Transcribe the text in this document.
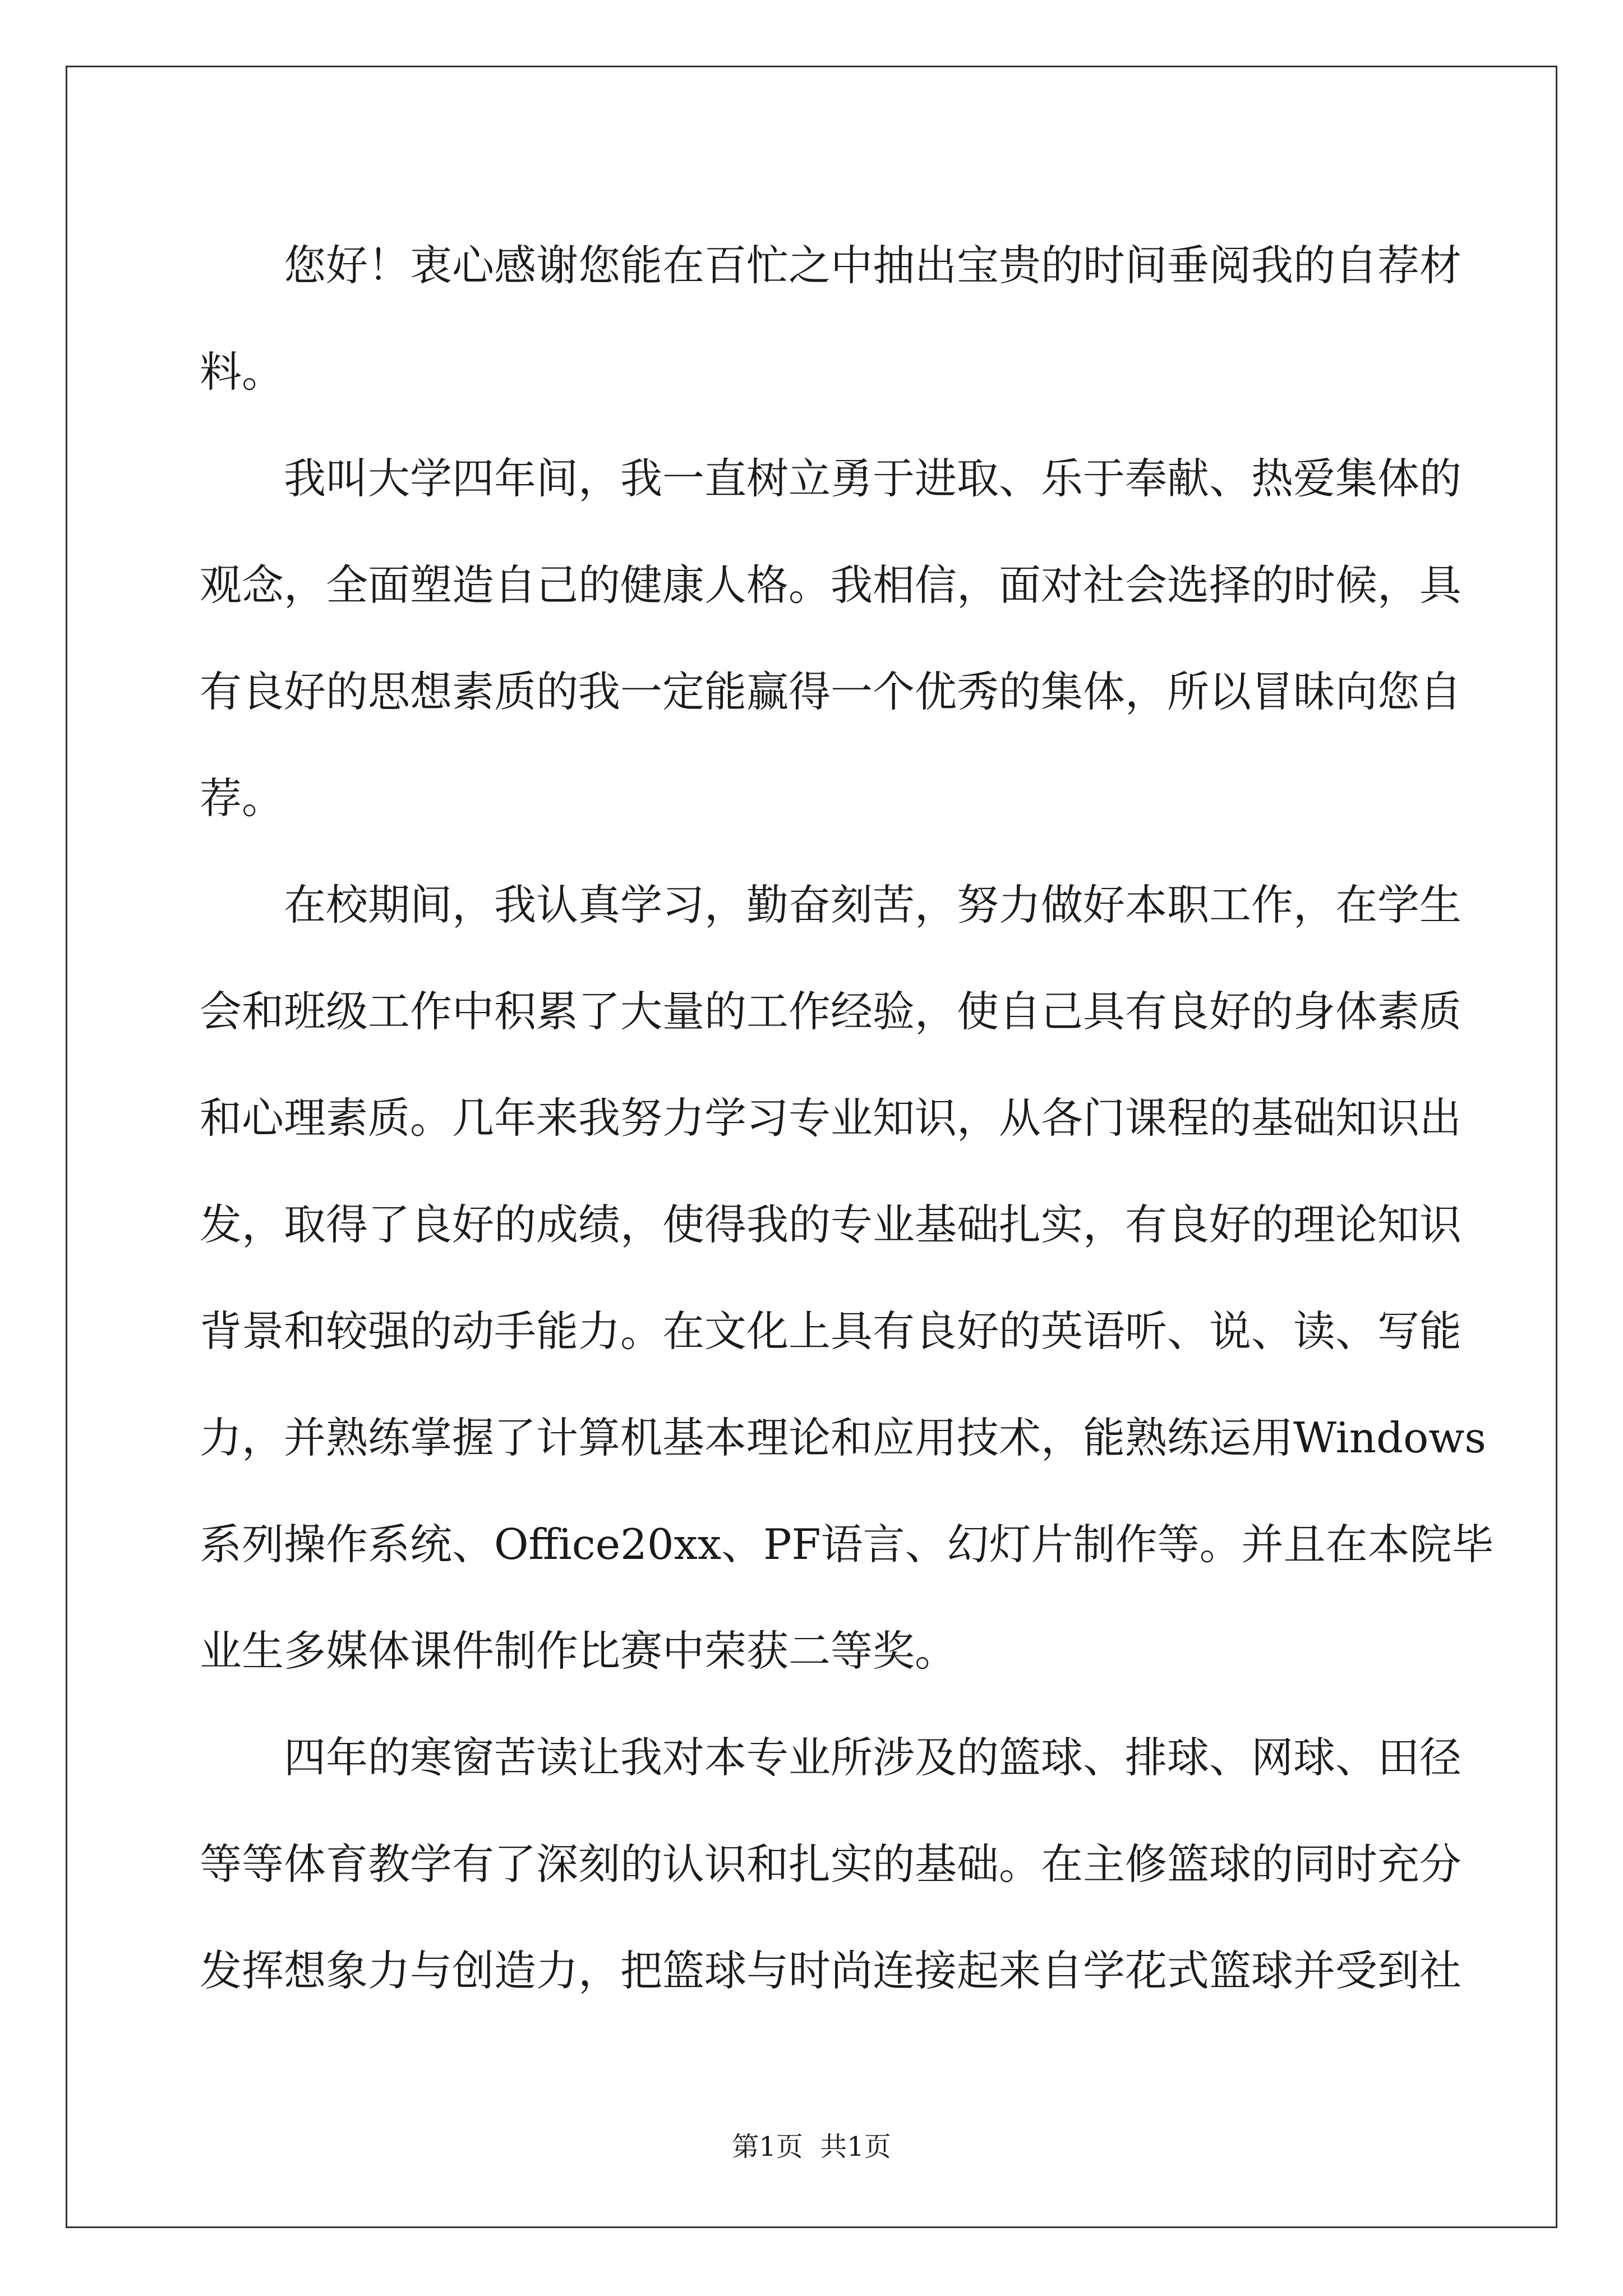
您好！衷心感谢您能在百忙之中抽出宝贵的时间垂阅我的自荐材
料。
我叫大学四年间，我一直树立勇于进取、乐于奉献、热爱集体的
观念，全面塑造自己的健康人格。我相信，面对社会选择的时候，具
有良好的思想素质的我一定能赢得一个优秀的集体，所以冒昧向您自
荐。
在校期间，我认真学习，勤奋刻苦，努力做好本职工作，在学生
会和班级工作中积累了大量的工作经验，使自己具有良好的身体素质
和心理素质。几年来我努力学习专业知识，从各门课程的基础知识出
发，取得了良好的成绩，使得我的专业基础扎实，有良好的理论知识
背景和较强的动手能力。在文化上具有良好的英语听、说、读、写能
力，并熟练掌握了计算机基本理论和应用技术，能熟练运用Windows
系列操作系统、Office20xx、PF语言、幻灯片制作等。并且在本院毕
业生多媒体课件制作比赛中荣获二等奖。
四年的寒窗苦读让我对本专业所涉及的篮球、排球、网球、田径
等等体育教学有了深刻的认识和扎实的基础。在主修篮球的同时充分
发挥想象力与创造力，把篮球与时尚连接起来自学花式篮球并受到社
第1页  共1页
